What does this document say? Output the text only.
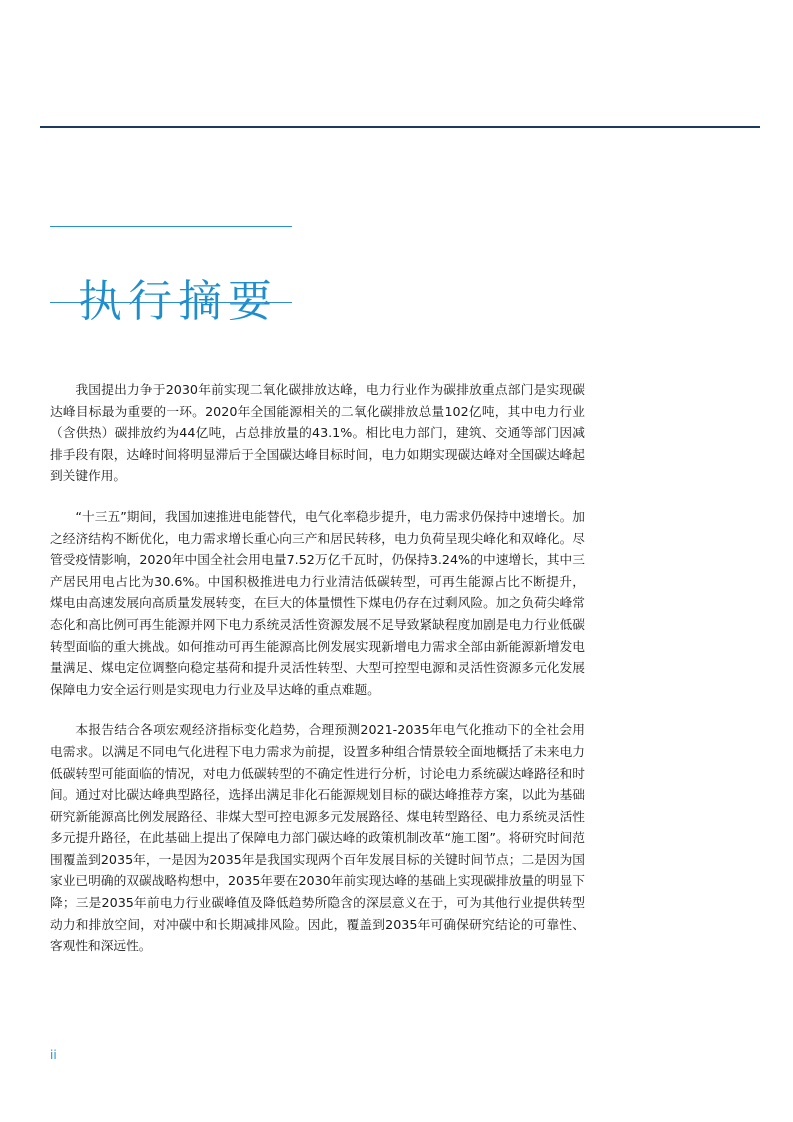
执行摘要

我国提出力争于2030年前实现二氧化碳排放达峰，电力行业作为碳排放重点部门是实现碳达峰目标最为重要的一环。2020年全国能源相关的二氧化碳排放总量102亿吨，其中电力行业（含供热）碳排放约为44亿吨，占总排放量的43.1%。相比电力部门，建筑、交通等部门因减排手段有限，达峰时间将明显滞后于全国碳达峰目标时间，电力如期实现碳达峰对全国碳达峰起到关键作用。

“十三五”期间，我国加速推进电能替代，电气化率稳步提升，电力需求仍保持中速增长。加之经济结构不断优化，电力需求增长重心向三产和居民转移，电力负荷呈现尖峰化和双峰化。尽管受疫情影响，2020年中国全社会用电量7.52万亿千瓦时，仍保持3.24%的中速增长，其中三产居民用电占比为30.6%。中国积极推进电力行业清洁低碳转型，可再生能源占比不断提升，煤电由高速发展向高质量发展转变，在巨大的体量惯性下煤电仍存在过剩风险。加之负荷尖峰常态化和高比例可再生能源并网下电力系统灵活性资源发展不足导致紧缺程度加剧是电力行业低碳转型面临的重大挑战。如何推动可再生能源高比例发展实现新增电力需求全部由新能源新增发电量满足、煤电定位调整向稳定基荷和提升灵活性转型、大型可控型电源和灵活性资源多元化发展保障电力安全运行则是实现电力行业及早达峰的重点难题。

本报告结合各项宏观经济指标变化趋势，合理预测2021-2035年电气化推动下的全社会用电需求。以满足不同电气化进程下电力需求为前提，设置多种组合情景较全面地概括了未来电力低碳转型可能面临的情况，对电力低碳转型的不确定性进行分析，讨论电力系统碳达峰路径和时间。通过对比碳达峰典型路径，选择出满足非化石能源规划目标的碳达峰推荐方案，以此为基础研究新能源高比例发展路径、非煤大型可控电源多元发展路径、煤电转型路径、电力系统灵活性多元提升路径，在此基础上提出了保障电力部门碳达峰的政策机制改革“施工图”。将研究时间范围覆盖到2035年，一是因为2035年是我国实现两个百年发展目标的关键时间节点；二是因为国家业已明确的双碳战略构想中，2035年要在2030年前实现达峰的基础上实现碳排放量的明显下降；三是2035年前电力行业碳峰值及降低趋势所隐含的深层意义在于，可为其他行业提供转型动力和排放空间，对冲碳中和长期减排风险。因此，覆盖到2035年可确保研究结论的可靠性、客观性和深远性。

ii
